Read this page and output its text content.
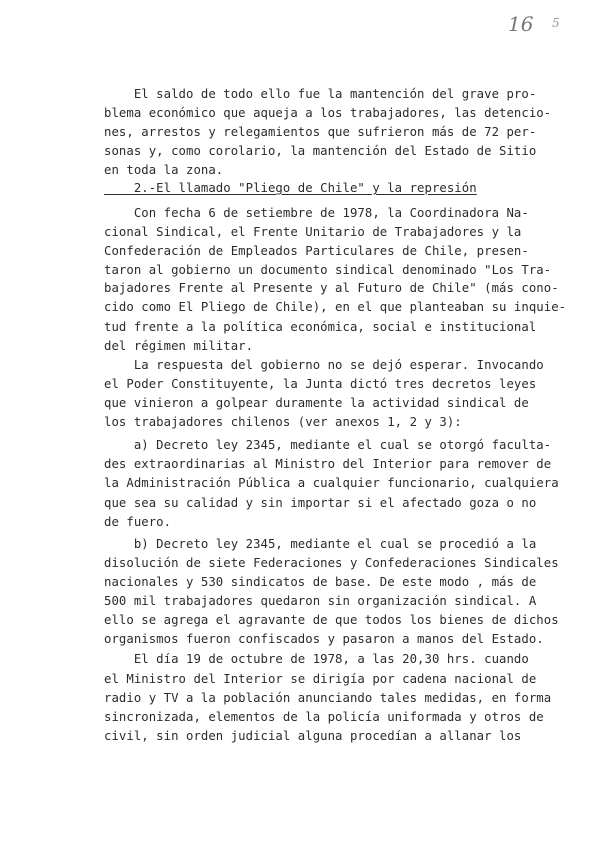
16 5
El saldo de todo ello fue la mantención del grave pro-
blema económico que aqueja a los trabajadores, las detencio-
nes, arrestos y relegamientos que sufrieron más de 72 per-
sonas y, como corolario, la mantención del Estado de Sitio
en toda la zona.
2.-El llamado "Pliego de Chile" y la represión
Con fecha 6 de setiembre de 1978, la Coordinadora Na-
cional Sindical, el Frente Unitario de Trabajadores y la
Confederación de Empleados Particulares de Chile, presen-
taron al gobierno un documento sindical denominado "Los Tra-
bajadores Frente al Presente y al Futuro de Chile" (más cono-
cido como El Pliego de Chile), en el que planteaban su inquie-
tud frente a la política económica, social e institucional
del régimen militar.
La respuesta del gobierno no se dejó esperar. Invocando
el Poder Constituyente, la Junta dictó tres decretos leyes
que vinieron a golpear duramente la actividad sindical de
los trabajadores chilenos (ver anexos 1, 2 y 3):
a) Decreto ley 2345, mediante el cual se otorgó faculta-
des extraordinarias al Ministro del Interior para remover de
la Administración Pública a cualquier funcionario, cualquiera
que sea su calidad y sin importar si el afectado goza o no
de fuero.
b) Decreto ley 2345, mediante el cual se procedió a la
disolución de siete Federaciones y Confederaciones Sindicales
nacionales y 530 sindicatos de base. De este modo , más de
500 mil trabajadores quedaron sin organización sindical. A
ello se agrega el agravante de que todos los bienes de dichos
organismos fueron confiscados y pasaron a manos del Estado.
El día 19 de octubre de 1978, a las 20,30 hrs. cuando
el Ministro del Interior se dirigía por cadena nacional de
radio y TV a la población anunciando tales medidas, en forma
sincronizada, elementos de la policía uniformada y otros de
civil, sin orden judicial alguna procedían a allanar los
